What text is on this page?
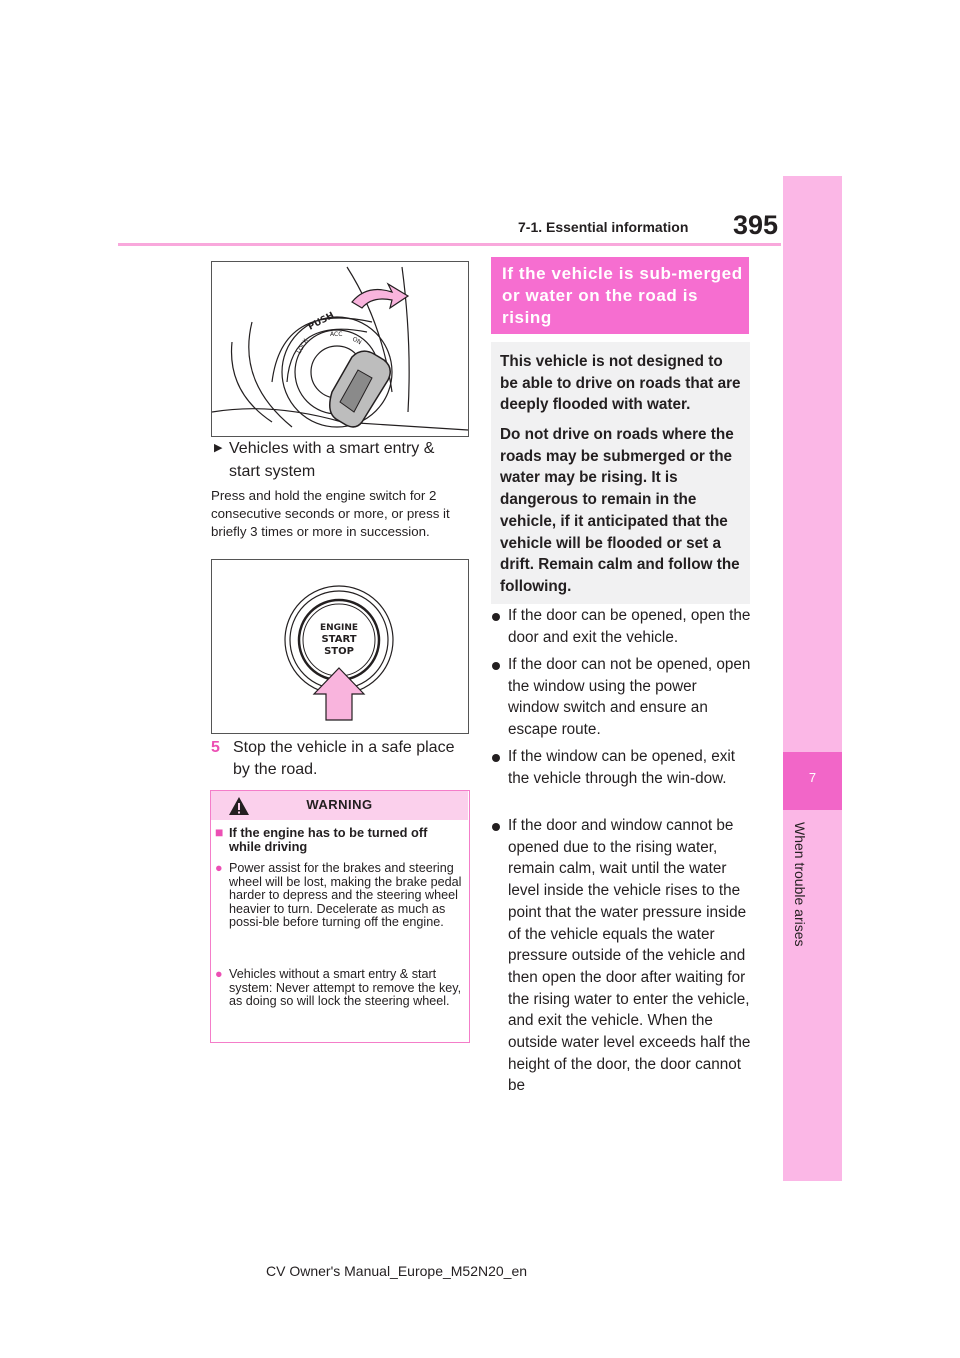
7
When trouble arises
7-1. Essential information 395
PUSH
LOCK
ACC
ON
▶ Vehicles with a smart entry & start system
Press and hold the engine switch for 2 consecutive seconds or more, or press it briefly 3 times or more in succession.
ENGINE
START
STOP
5 Stop the vehicle in a safe place by the road.
WARNING
■ If the engine has to be turned off while driving
● Power assist for the brakes and steering wheel will be lost, making the brake pedal harder to depress and the steering wheel heavier to turn. Decelerate as much as possi-ble before turning off the engine.
● Vehicles without a smart entry & start system: Never attempt to remove the key, as doing so will lock the steering wheel.
If the vehicle is sub-merged or water on the road is rising
This vehicle is not designed to be able to drive on roads that are deeply flooded with water.
Do not drive on roads where the roads may be submerged or the water may be rising. It is dangerous to remain in the vehicle, if it anticipated that the vehicle will be flooded or set a drift. Remain calm and follow the following.
If the door can be opened, open the door and exit the vehicle.
If the door can not be opened, open the window using the power window switch and ensure an escape route.
If the window can be opened, exit the vehicle through the win-dow.
If the door and window cannot be opened due to the rising water, remain calm, wait until the water level inside the vehicle rises to the point that the water pressure inside of the vehicle equals the water pressure outside of the vehicle and then open the door after waiting for the rising water to enter the vehicle, and exit the vehicle. When the outside water level exceeds half the height of the door, the door cannot be
CV Owner's Manual_Europe_M52N20_en
